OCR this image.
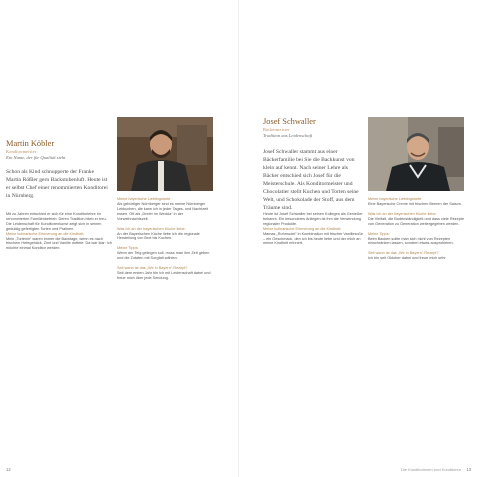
Martin Köbler

Konditormeister
Ein Name, der für Qualität steht

Schon als Kind schnupperte der Franke Martin Rößler gern Backstubenluft. Heute ist er selbst Chef einer renommierten Konditorei in Nürnberg.

Mit zu Jahren entschied er sich für eine Konditorlehre im renommierten Familienbetrieb. Deren Tradition blieb er treu. Die Leidenschaft für Konditorenkunst zeigt sich in seinen geduldig gefertigten Torten und Pralinen.
Meine kulinarische Erinnerung an die Kindheit:
Mein „Tortenin“ waren immer die Backtage, wenn es nach frischem Hefegebäck, Zimt und Vanille duftete. Da war klar: Ich möchte einmal Konditor werden.

Meine bayerische Lieblingstorte

Als gebürtiger Nürnberger sind es meine Nürnberger Lebkuchen, die kann ich in jeder Tages- und Nachtzeit essen. Oft als „Dreier im Weckla“ in der Vorweihnachtszeit.

Was ich an der bayerischen Küche liebe:

An der Bayerischen Küche liebe ich die regionale Herstellung von Brot bis Kuchen.

Meine Tipps:

Wenn der Teig gelingen soll, muss man ihm Zeit geben und die Zutaten mit Sorgfalt wählen.

Seit wann ist das „Wir in Bayern“-Rezept?

Seit dem ersten Jahr bin ich mit Leidenschaft dabei und freue mich über jede Sendung.

12

Josef Schwaller

Bäckermeister
Tradition aus Leidenschaft

Josef Schwaller stammt aus einer Bäckerfamilie bei Sie die Backkunst von klein auf kennt. Nach seiner Lehre als Bäcker entschied sich Josef für die Meisterschule. Als Konditormeister und Chocolatier stellt Kuchen und Torten seine Welt, und Schokolade der Stoff, aus dem Träume sind.

Heute ist Josef Schwaller bei seinen Kollegen als Genießer bekannt. Ein besonderes Anliegen ist ihm die Verwendung regionaler Produkte.
Meine kulinarische Erinnerung an die Kindheit:
Mamas „Rohrnudel“ in Kombination mit frischer Vanillesoße – ein Geschmack, den ich bis heute liebe und der mich an meine Kindheit erinnert.

Meine bayerische Lieblingstorte

Eine Bayerische Creme mit frischen Beeren der Saison.

Was ich an der bayerischen Küche liebe:

Die Vielfalt, die Bodenständigkeit und dass viele Rezepte von Generation zu Generation weitergegeben werden.

Meine Tipps:

Beim Backen sollte man sich nicht von Rezepten einschränken lassen, sondern etwas ausprobieren.

Seit wann ist das „Wir in Bayern“-Rezept?

Ich bin seit Oktober dabei und freue mich sehr.

Die Konditorinnen und Konditoren 13
